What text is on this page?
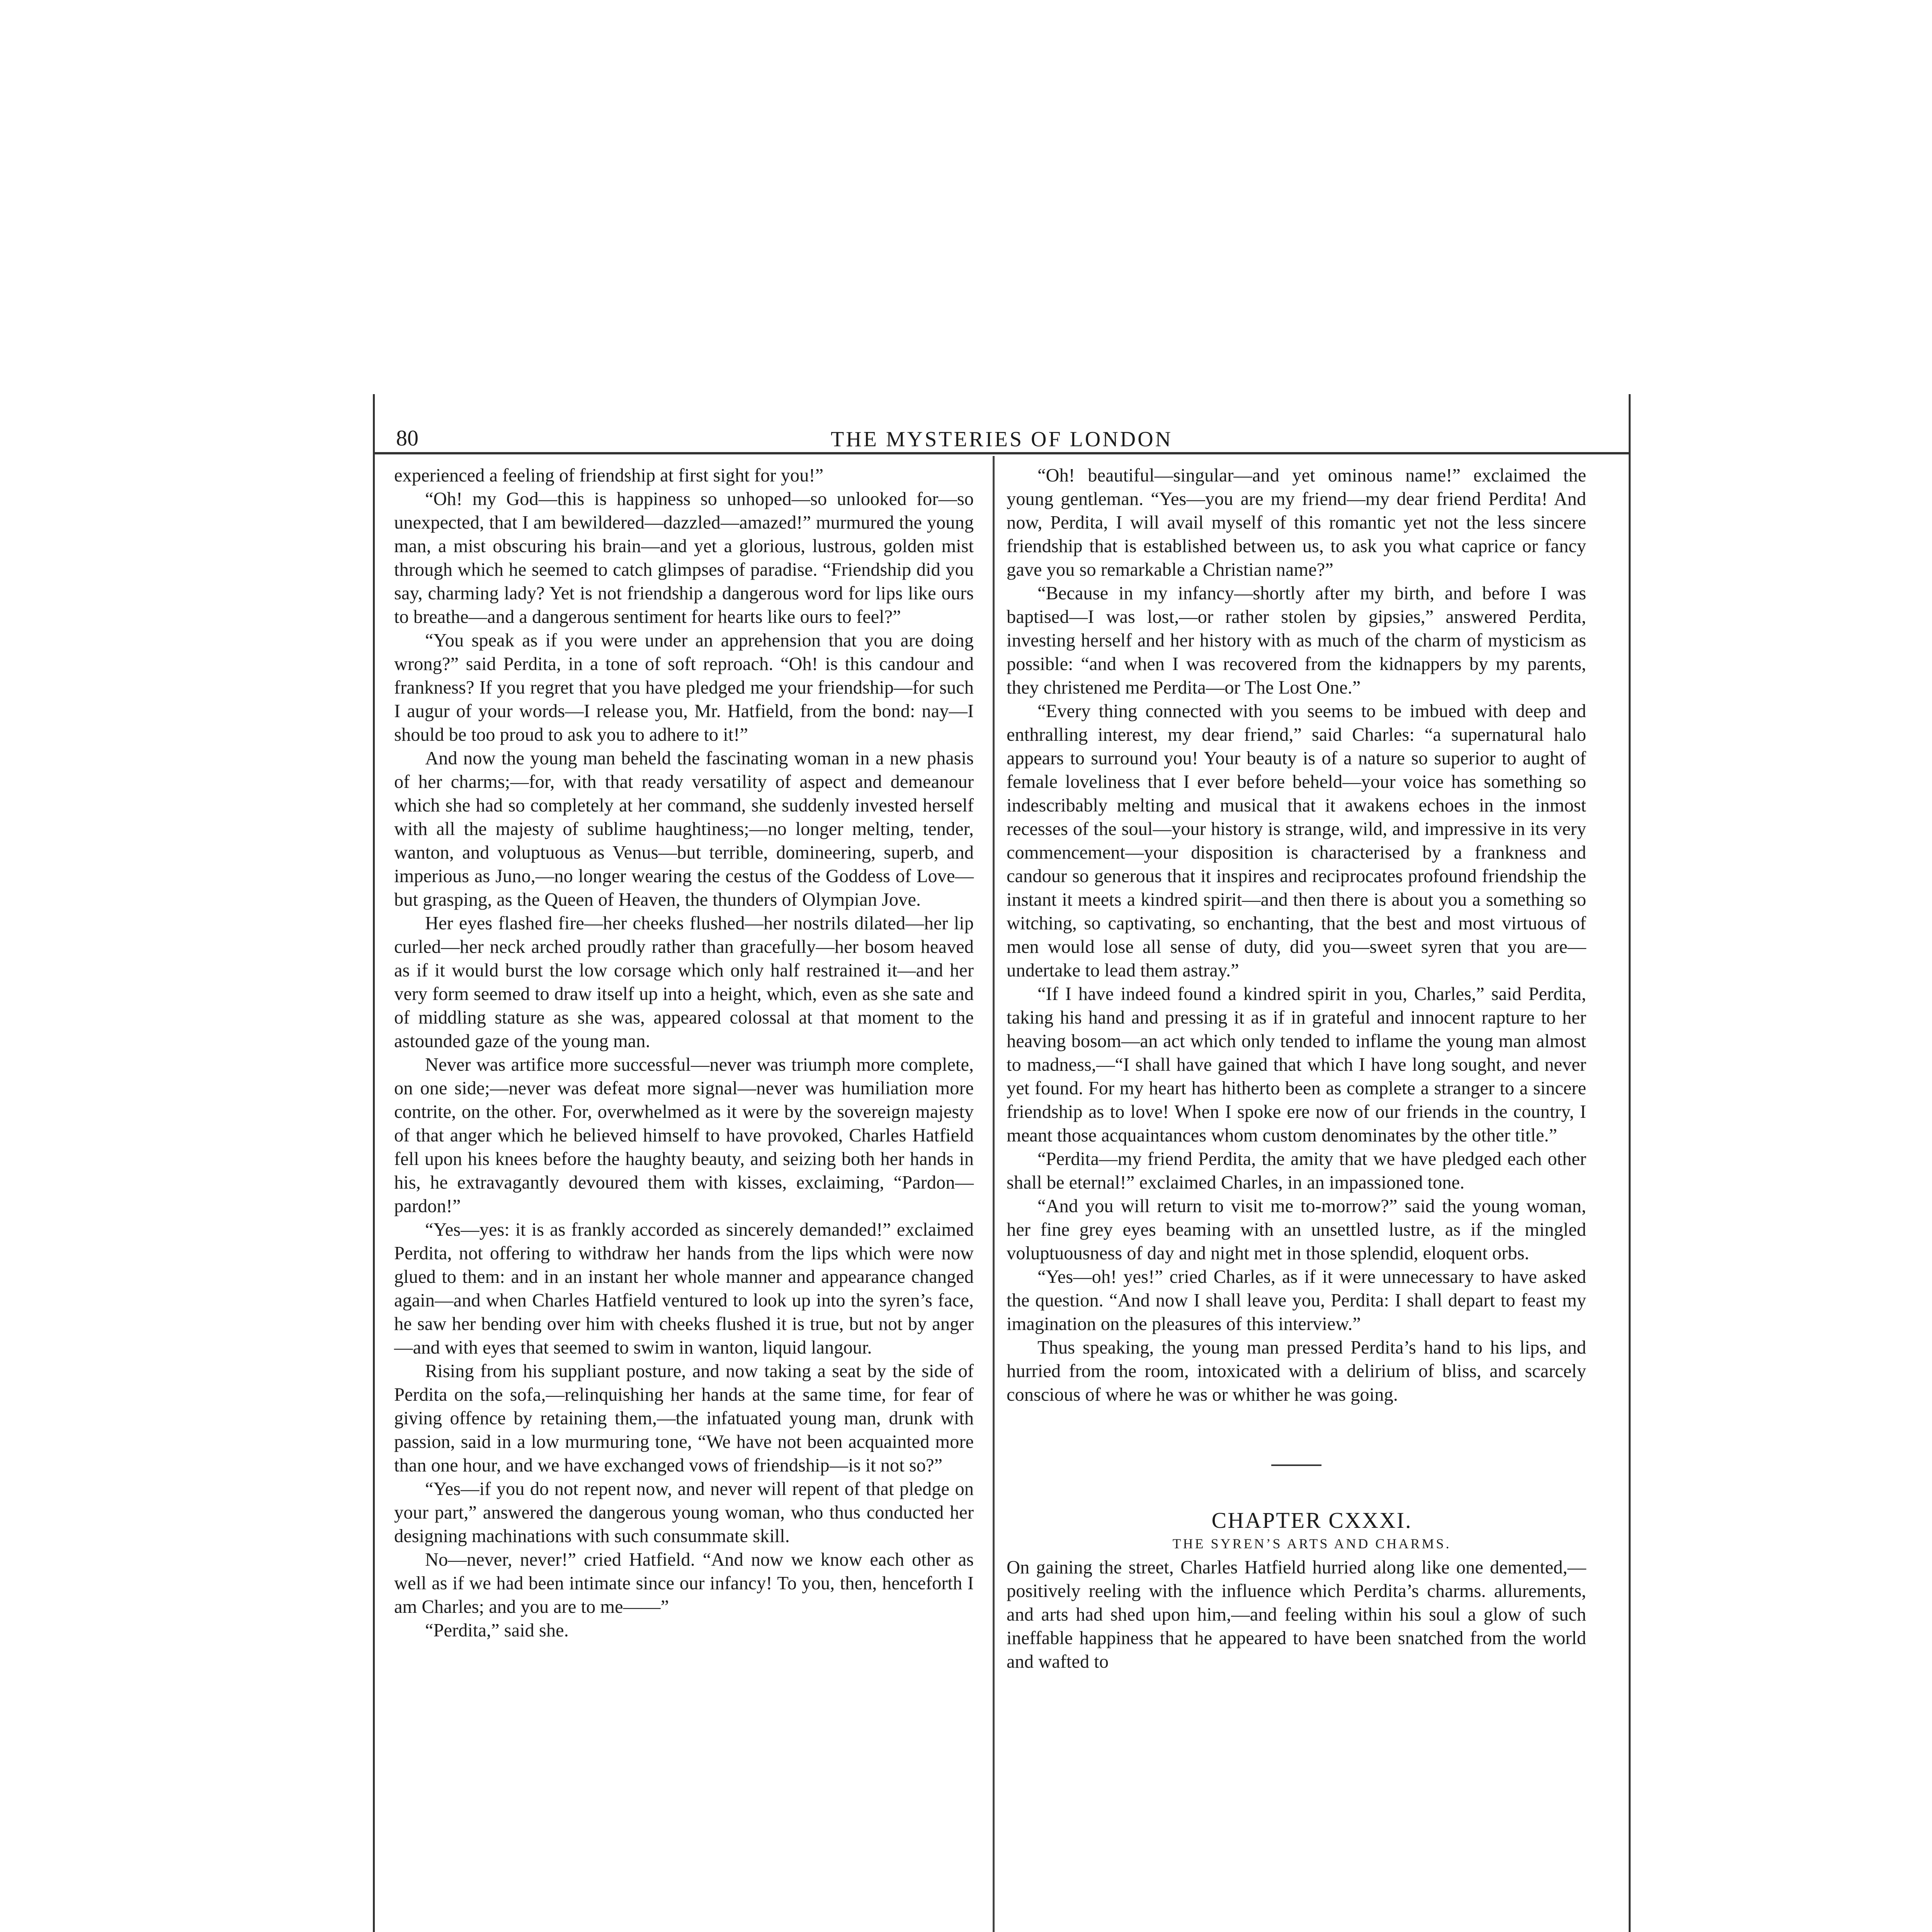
80	THE MYSTERIES OF LONDON

experienced a feeling of friendship at first sight for you!”

“Oh! my God—this is happiness so unhoped—so unlooked for—so unexpected, that I am bewildered—dazzled—amazed!” murmured the young man, a mist obscuring his brain—and yet a glorious, lustrous, golden mist through which he seemed to catch glimpses of paradise. “Friendship did you say, charming lady? Yet is not friendship a dangerous word for lips like ours to breathe—and a dangerous sentiment for hearts like ours to feel?”

“You speak as if you were under an apprehension that you are doing wrong?” said Perdita, in a tone of soft reproach. “Oh! is this candour and frankness? If you regret that you have pledged me your friendship—for such I augur of your words—I release you, Mr. Hatfield, from the bond: nay—I should be too proud to ask you to adhere to it!”

And now the young man beheld the fascinating woman in a new phasis of her charms;—for, with that ready versatility of aspect and demeanour which she had so completely at her command, she suddenly invested herself with all the majesty of sublime haughtiness;—no longer melting, tender, wanton, and voluptuous as Venus—but terrible, domineering, superb, and imperious as Juno,—no longer wearing the cestus of the Goddess of Love—but grasping, as the Queen of Heaven, the thunders of Olympian Jove.

Her eyes flashed fire—her cheeks flushed—her nostrils dilated—her lip curled—her neck arched proudly rather than gracefully—her bosom heaved as if it would burst the low corsage which only half restrained it—and her very form seemed to draw itself up into a height, which, even as she sate and of middling stature as she was, appeared colossal at that moment to the astounded gaze of the young man.

Never was artifice more successful—never was triumph more complete, on one side;—never was defeat more signal—never was humiliation more contrite, on the other. For, overwhelmed as it were by the sovereign majesty of that anger which he believed himself to have provoked, Charles Hatfield fell upon his knees before the haughty beauty, and seizing both her hands in his, he extravagantly devoured them with kisses, exclaiming, “Pardon—pardon!”

“Yes—yes: it is as frankly accorded as sincerely demanded!” exclaimed Perdita, not offering to withdraw her hands from the lips which were now glued to them: and in an instant her whole manner and appearance changed again—and when Charles Hatfield ventured to look up into the syren’s face, he saw her bending over him with cheeks flushed it is true, but not by anger—and with eyes that seemed to swim in wanton, liquid langour.

Rising from his suppliant posture, and now taking a seat by the side of Perdita on the sofa,—relinquishing her hands at the same time, for fear of giving offence by retaining them,—the infatuated young man, drunk with passion, said in a low murmuring tone, “We have not been acquainted more than one hour, and we have exchanged vows of friendship—is it not so?”

“Yes—if you do not repent now, and never will repent of that pledge on your part,” answered the dangerous young woman, who thus conducted her designing machinations with such consummate skill.

No—never, never!” cried Hatfield. “And now we know each other as well as if we had been intimate since our infancy! To you, then, henceforth I am Charles; and you are to me——”

“Perdita,” said she.

“Oh! beautiful—singular—and yet ominous name!” exclaimed the young gentleman. “Yes—you are my friend—my dear friend Perdita! And now, Perdita, I will avail myself of this romantic yet not the less sincere friendship that is established between us, to ask you what caprice or fancy gave you so remarkable a Christian name?”

“Because in my infancy—shortly after my birth, and before I was baptised—I was lost,—or rather stolen by gipsies,” answered Perdita, investing herself and her history with as much of the charm of mysticism as possible: “and when I was recovered from the kidnappers by my parents, they christened me Perdita—or The Lost One.”

“Every thing connected with you seems to be imbued with deep and enthralling interest, my dear friend,” said Charles: “a supernatural halo appears to surround you! Your beauty is of a nature so superior to aught of female loveliness that I ever before beheld—your voice has something so indescribably melting and musical that it awakens echoes in the inmost recesses of the soul—your history is strange, wild, and impressive in its very commencement—your disposition is characterised by a frankness and candour so generous that it inspires and reciprocates profound friendship the instant it meets a kindred spirit—and then there is about you a something so witching, so captivating, so enchanting, that the best and most virtuous of men would lose all sense of duty, did you—sweet syren that you are—undertake to lead them astray.”

“If I have indeed found a kindred spirit in you, Charles,” said Perdita, taking his hand and pressing it as if in grateful and innocent rapture to her heaving bosom—an act which only tended to inflame the young man almost to madness,—“I shall have gained that which I have long sought, and never yet found. For my heart has hitherto been as complete a stranger to a sincere friendship as to love! When I spoke ere now of our friends in the country, I meant those acquaintances whom custom denominates by the other title.”

“Perdita—my friend Perdita, the amity that we have pledged each other shall be eternal!” exclaimed Charles, in an impassioned tone.

“And you will return to visit me to-morrow?” said the young woman, her fine grey eyes beaming with an unsettled lustre, as if the mingled voluptuousness of day and night met in those splendid, eloquent orbs.

“Yes—oh! yes!” cried Charles, as if it were unnecessary to have asked the question. “And now I shall leave you, Perdita: I shall depart to feast my imagination on the pleasures of this interview.”

Thus speaking, the young man pressed Perdita’s hand to his lips, and hurried from the room, intoxicated with a delirium of bliss, and scarcely conscious of where he was or whither he was going.

CHAPTER CXXXI.

THE SYREN’S ARTS AND CHARMS.

On gaining the street, Charles Hatfield hurried along like one demented,—positively reeling with the influence which Perdita’s charms. allurements, and arts had shed upon him,—and feeling within his soul a glow of such ineffable happiness that he appeared to have been snatched from the world and wafted to
